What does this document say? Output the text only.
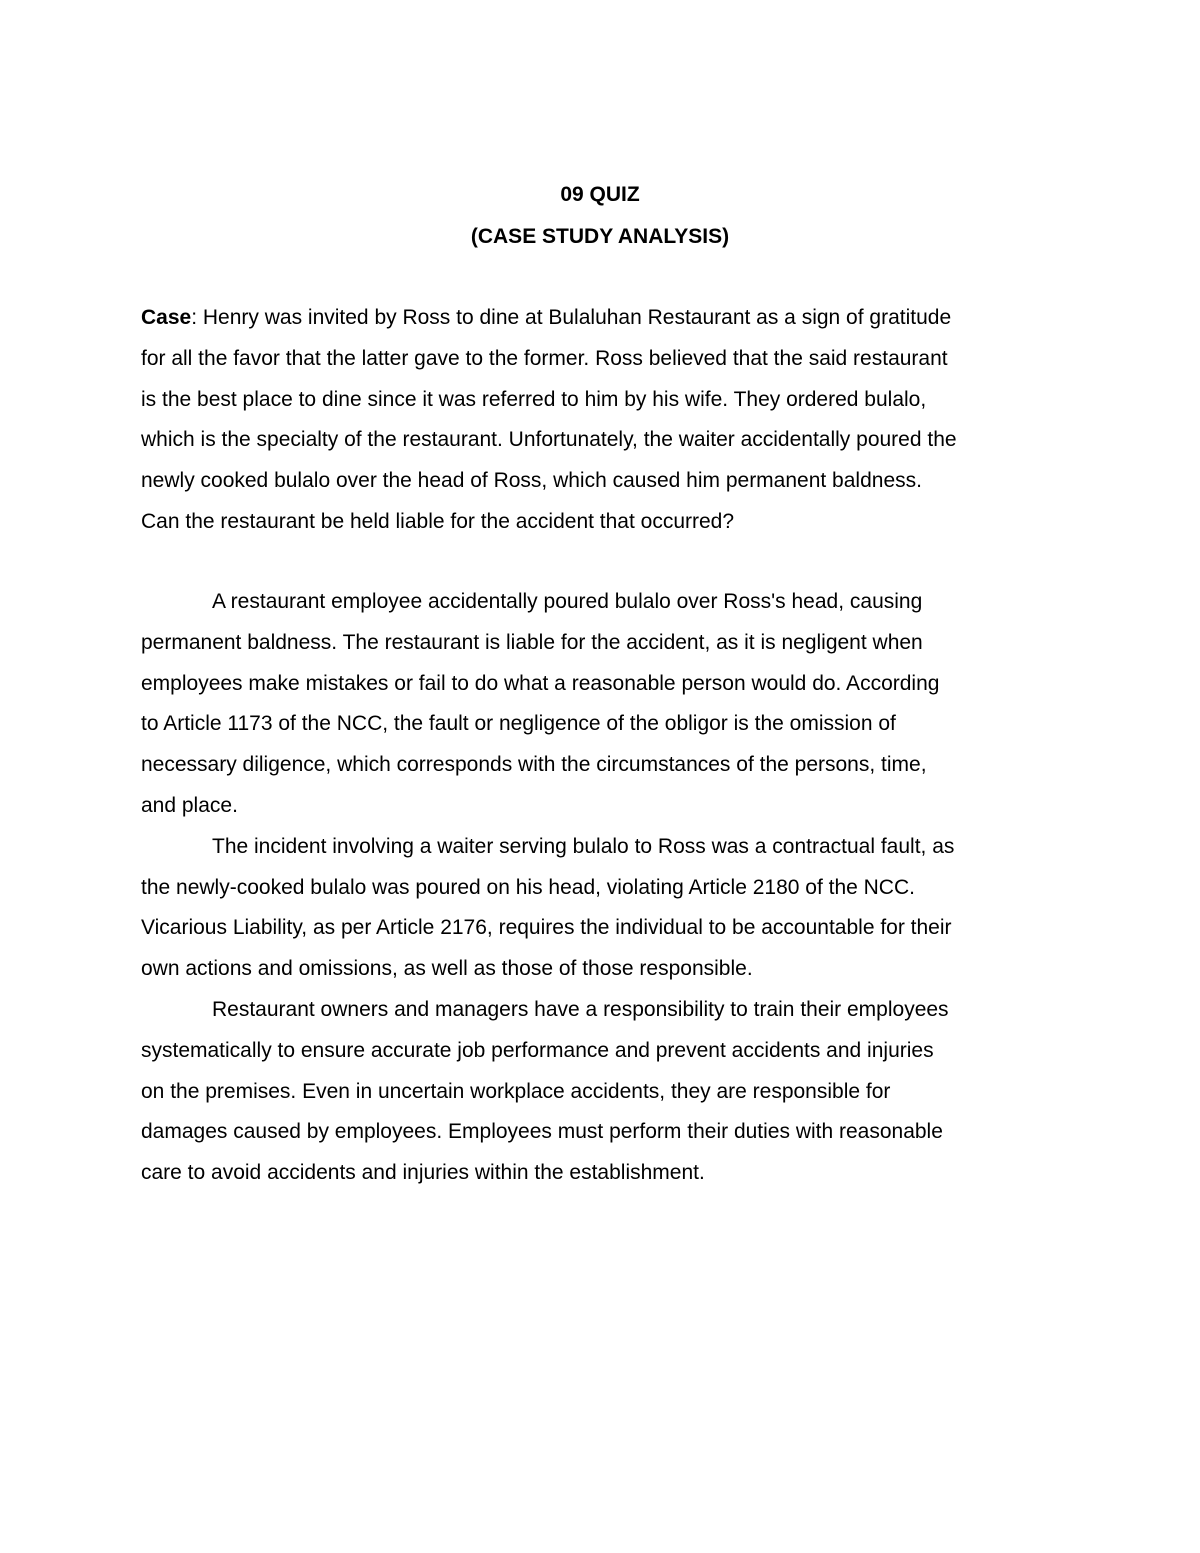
09 QUIZ
(CASE STUDY ANALYSIS)
Case: Henry was invited by Ross to dine at Bulaluhan Restaurant as a sign of gratitude
for all the favor that the latter gave to the former. Ross believed that the said restaurant
is the best place to dine since it was referred to him by his wife. They ordered bulalo,
which is the specialty of the restaurant. Unfortunately, the waiter accidentally poured the
newly cooked bulalo over the head of Ross, which caused him permanent baldness.
Can the restaurant be held liable for the accident that occurred?

A restaurant employee accidentally poured bulalo over Ross's head, causing
permanent baldness. The restaurant is liable for the accident, as it is negligent when
employees make mistakes or fail to do what a reasonable person would do. According
to Article 1173 of the NCC, the fault or negligence of the obligor is the omission of
necessary diligence, which corresponds with the circumstances of the persons, time,
and place.

The incident involving a waiter serving bulalo to Ross was a contractual fault, as
the newly-cooked bulalo was poured on his head, violating Article 2180 of the NCC.
Vicarious Liability, as per Article 2176, requires the individual to be accountable for their
own actions and omissions, as well as those of those responsible.

Restaurant owners and managers have a responsibility to train their employees
systematically to ensure accurate job performance and prevent accidents and injuries
on the premises. Even in uncertain workplace accidents, they are responsible for
damages caused by employees. Employees must perform their duties with reasonable
care to avoid accidents and injuries within the establishment.
